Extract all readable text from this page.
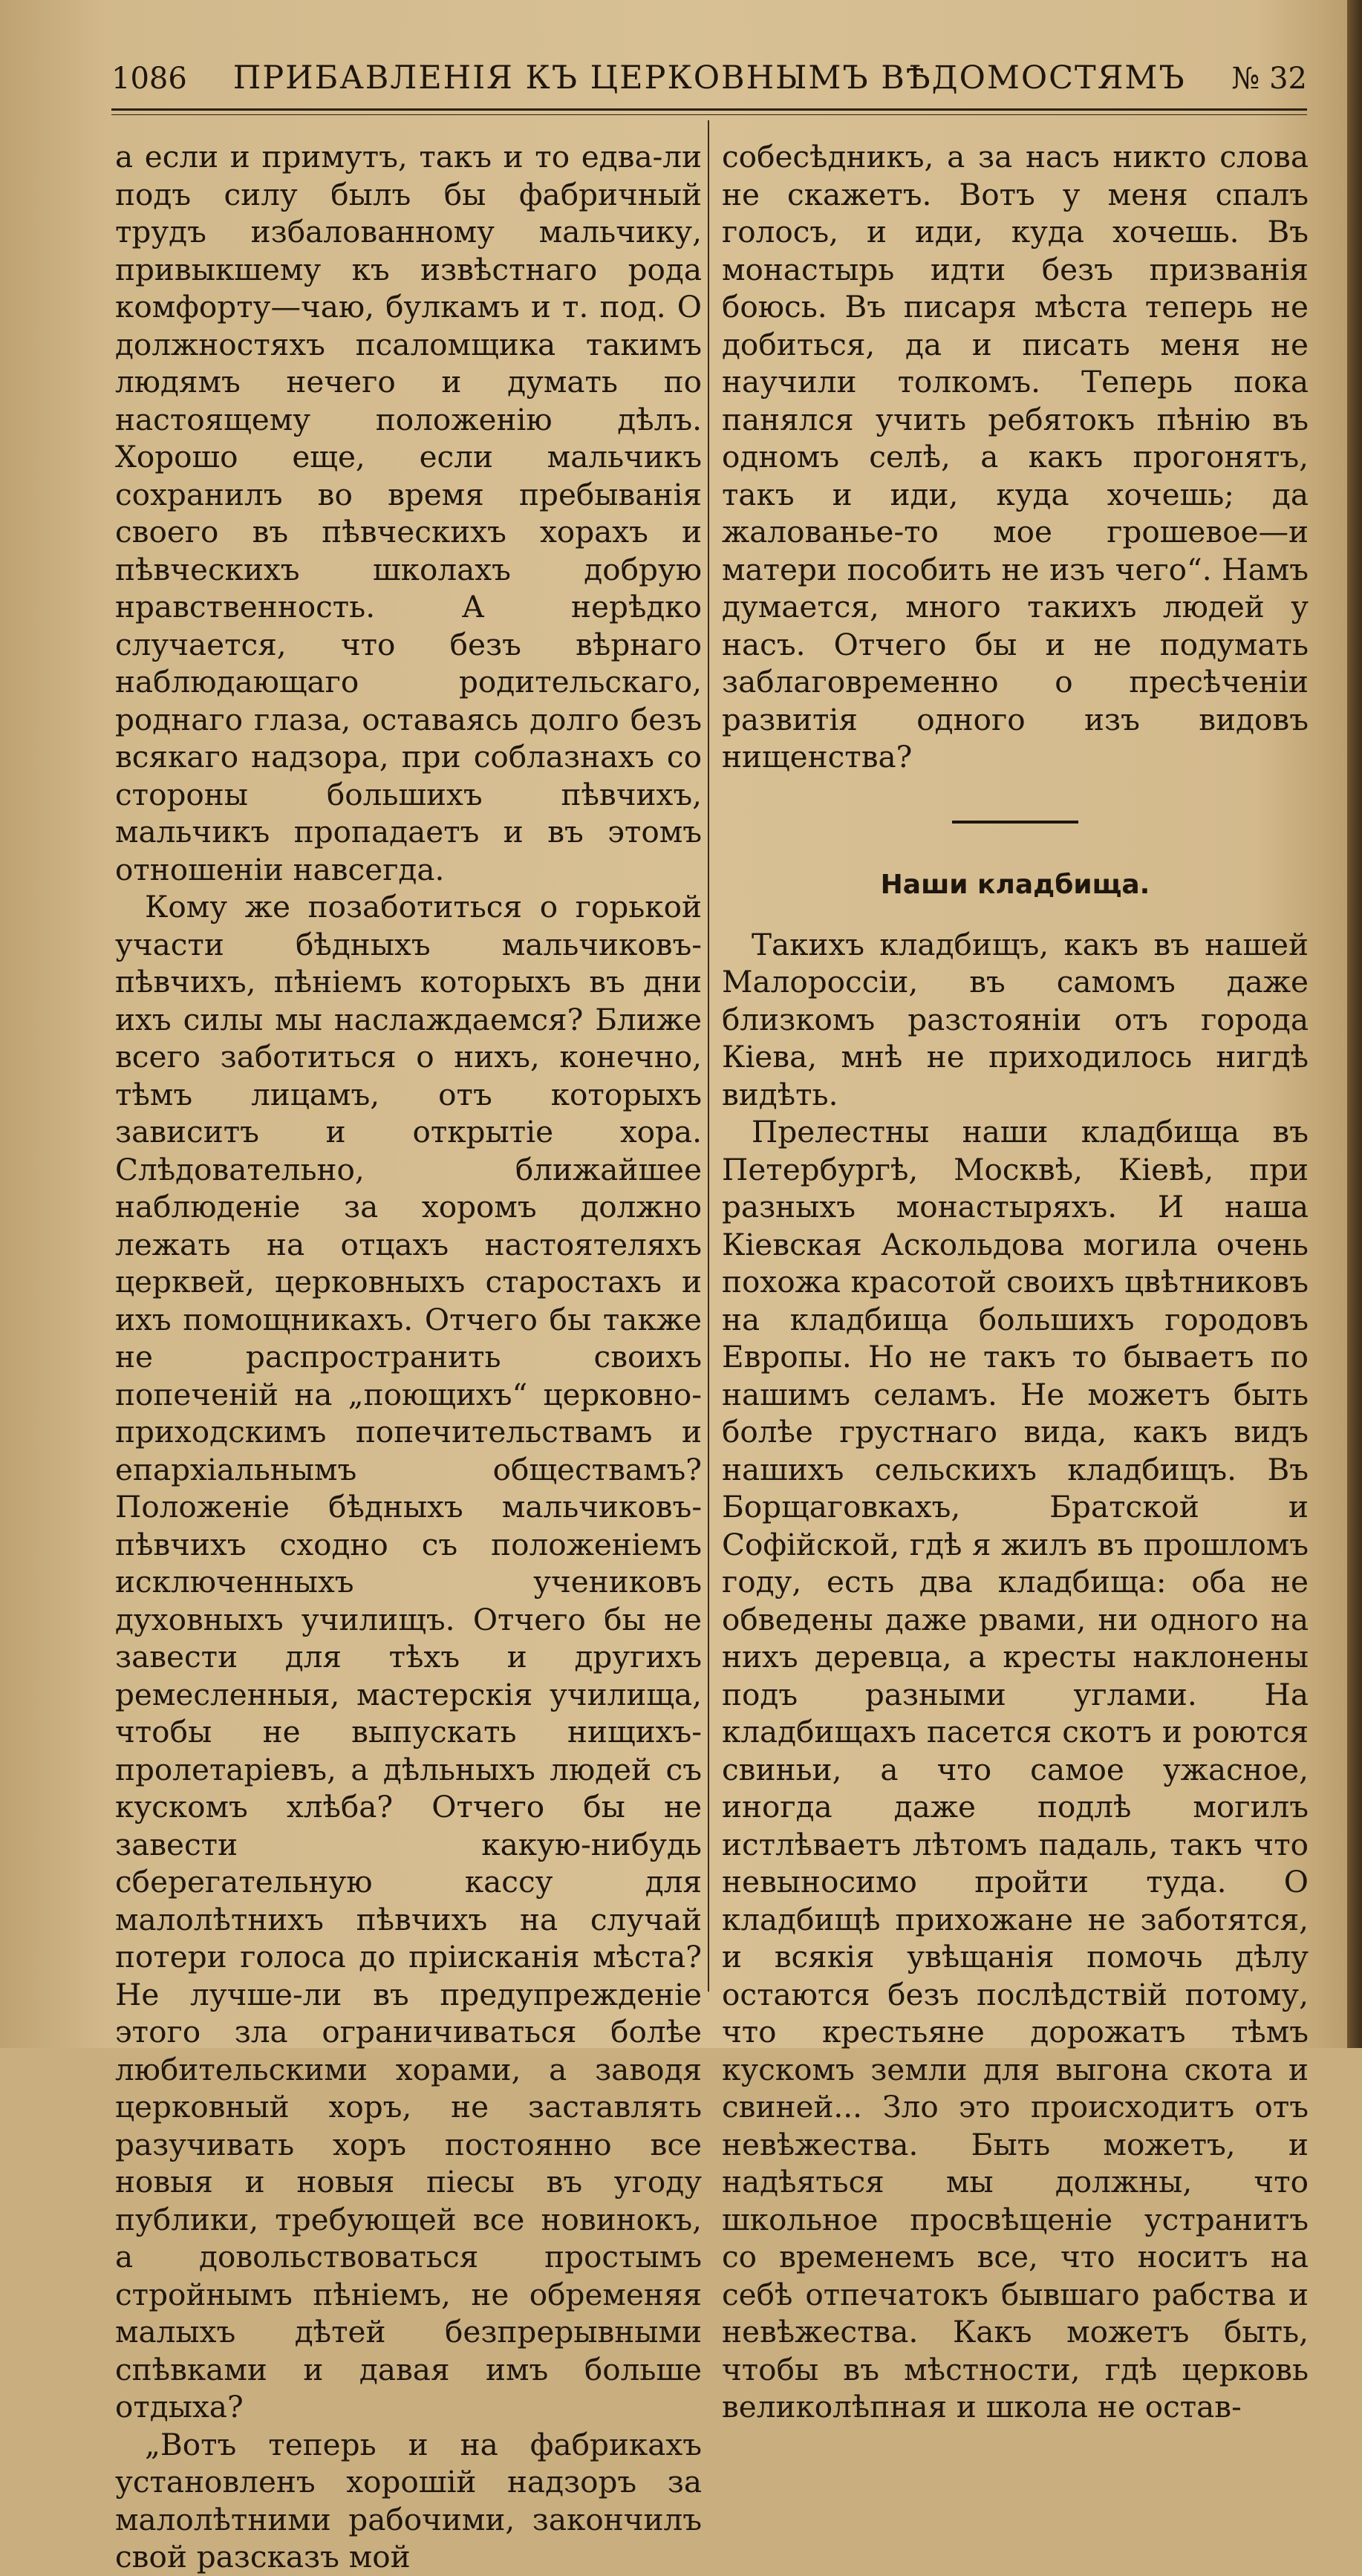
1086 ПРИБАВЛЕНІЯ КЪ ЦЕРКОВНЫМЪ ВѢДОМОСТЯМЪ № 32

а если и примутъ, такъ и то едва-ли подъ силу былъ бы фабричный трудъ избалованному мальчику, привыкшему къ извѣстнаго рода комфорту—чаю, булкамъ и т. под. О должностяхъ псаломщика такимъ людямъ нечего и думать по настоящему положенію дѣлъ. Хорошо еще, если мальчикъ сохранилъ во время пребыванія своего въ пѣвческихъ хорахъ и пѣвческихъ школахъ добрую нравственность. А нерѣдко случается, что безъ вѣрнаго наблюдающаго родительскаго, роднаго глаза, оставаясь долго безъ всякаго надзора, при соблазнахъ со стороны большихъ пѣвчихъ, мальчикъ пропадаетъ и въ этомъ отношеніи навсегда.

Кому же позаботиться о горькой участи бѣдныхъ мальчиковъ-пѣвчихъ, пѣніемъ которыхъ въ дни ихъ силы мы наслаждаемся? Ближе всего заботиться о нихъ, конечно, тѣмъ лицамъ, отъ которыхъ зависитъ и открытіе хора. Слѣдовательно, ближайшее наблюденіе за хоромъ должно лежать на отцахъ настоятеляхъ церквей, церковныхъ старостахъ и ихъ помощникахъ. Отчего бы также не распространить своихъ попеченій на „поющихъ“ церковно-приходскимъ попечительствамъ и епархіальнымъ обществамъ? Положеніе бѣдныхъ мальчиковъ-пѣвчихъ сходно съ положеніемъ исключенныхъ учениковъ духовныхъ училищъ. Отчего бы не завести для тѣхъ и другихъ ремесленныя, мастерскія училища, чтобы не выпускать нищихъ-пролетаріевъ, а дѣльныхъ людей съ кускомъ хлѣба? Отчего бы не завести какую-нибудь сберегательную кассу для малолѣтнихъ пѣвчихъ на случай потери голоса до пріисканія мѣста? Не лучше-ли въ предупрежденіе этого зла ограничиваться болѣе любительскими хорами, а заводя церковный хоръ, не заставлять разучивать хоръ постоянно все новыя и новыя піесы въ угоду публики, требующей все новинокъ, а довольствоваться простымъ стройнымъ пѣніемъ, не обременяя малыхъ дѣтей безпрерывными спѣвками и давая имъ больше отдыха?

„Вотъ теперь и на фабрикахъ установленъ хорошій надзоръ за малолѣтними рабочими, закончилъ свой разсказъ мой

собесѣдникъ, а за насъ никто слова не скажетъ. Вотъ у меня спалъ голосъ, и иди, куда хочешь. Въ монастырь идти безъ призванія боюсь. Въ писаря мѣста теперь не добиться, да и писать меня не научили толкомъ. Теперь пока панялся учить ребятокъ пѣнію въ одномъ селѣ, а какъ прогонятъ, такъ и иди, куда хочешь; да жалованье-то мое грошевое—и матери пособить не изъ чего“. Намъ думается, много такихъ людей у насъ. Отчего бы и не подумать заблаговременно о пресѣченіи развитія одного изъ видовъ нищенства?

Наши кладбища.

Такихъ кладбищъ, какъ въ нашей Малороссіи, въ самомъ даже близкомъ разстояніи отъ города Кіева, мнѣ не приходилось нигдѣ видѣть.

Прелестны наши кладбища въ Петербургѣ, Москвѣ, Кіевѣ, при разныхъ монастыряхъ. И наша Кіевская Аскольдова могила очень похожа красотой своихъ цвѣтниковъ на кладбища большихъ городовъ Европы. Но не такъ то бываетъ по нашимъ селамъ. Не можетъ быть болѣе грустнаго вида, какъ видъ нашихъ сельскихъ кладбищъ. Въ Борщаговкахъ, Братской и Софійской, гдѣ я жилъ въ прошломъ году, есть два кладбища: оба не обведены даже рвами, ни одного на нихъ деревца, а кресты наклонены подъ разными углами. На кладбищахъ пасется скотъ и роются свиньи, а что самое ужасное, иногда даже подлѣ могилъ истлѣваетъ лѣтомъ падаль, такъ что невыносимо пройти туда. О кладбищѣ прихожане не заботятся, и всякія увѣщанія помочь дѣлу остаются безъ послѣдствій потому, что крестьяне дорожатъ тѣмъ кускомъ земли для выгона скота и свиней... Зло это происходитъ отъ невѣжества. Быть можетъ, и надѣяться мы должны, что школьное просвѣщеніе устранитъ со временемъ все, что носитъ на себѣ отпечатокъ бывшаго рабства и невѣжества. Какъ можетъ быть, чтобы въ мѣстности, гдѣ церковь великолѣпная и школа не остав-
